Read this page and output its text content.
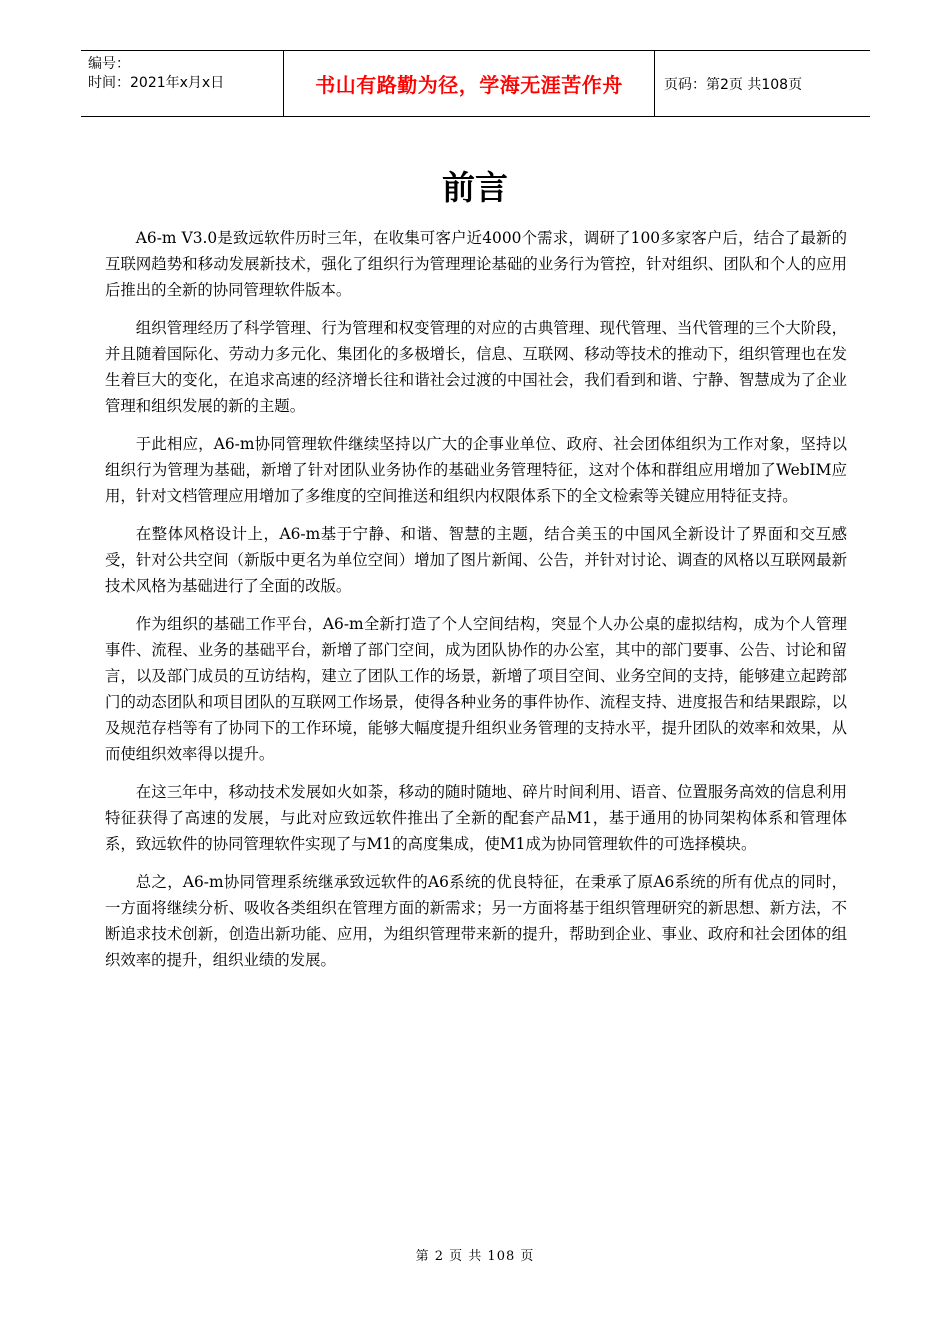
编号：
时间：2021年x月x日	书山有路勤为径，学海无涯苦作舟	页码：第2页 共108页
前言

A6-m V3.0是致远软件历时三年，在收集可客户近4000个需求，调研了100多家客户后，结合了最新的互联网趋势和移动发展新技术，强化了组织行为管理理论基础的业务行为管控，针对组织、团队和个人的应用后推出的全新的协同管理软件版本。

组织管理经历了科学管理、行为管理和权变管理的对应的古典管理、现代管理、当代管理的三个大阶段，并且随着国际化、劳动力多元化、集团化的多极增长，信息、互联网、移动等技术的推动下，组织管理也在发生着巨大的变化，在追求高速的经济增长往和谐社会过渡的中国社会，我们看到和谐、宁静、智慧成为了企业管理和组织发展的新的主题。

于此相应，A6-m协同管理软件继续坚持以广大的企事业单位、政府、社会团体组织为工作对象，坚持以组织行为管理为基础，新增了针对团队业务协作的基础业务管理特征，这对个体和群组应用增加了WebIM应用，针对文档管理应用增加了多维度的空间推送和组织内权限体系下的全文检索等关键应用特征支持。

在整体风格设计上，A6-m基于宁静、和谐、智慧的主题，结合美玉的中国风全新设计了界面和交互感受，针对公共空间（新版中更名为单位空间）增加了图片新闻、公告，并针对讨论、调查的风格以互联网最新技术风格为基础进行了全面的改版。

作为组织的基础工作平台，A6-m全新打造了个人空间结构，突显个人办公桌的虚拟结构，成为个人管理事件、流程、业务的基础平台，新增了部门空间，成为团队协作的办公室，其中的部门要事、公告、讨论和留言，以及部门成员的互访结构，建立了团队工作的场景，新增了项目空间、业务空间的支持，能够建立起跨部门的动态团队和项目团队的互联网工作场景，使得各种业务的事件协作、流程支持、进度报告和结果跟踪，以及规范存档等有了协同下的工作环境，能够大幅度提升组织业务管理的支持水平，提升团队的效率和效果，从而使组织效率得以提升。

在这三年中，移动技术发展如火如荼，移动的随时随地、碎片时间利用、语音、位置服务高效的信息利用特征获得了高速的发展，与此对应致远软件推出了全新的配套产品M1，基于通用的协同架构体系和管理体系，致远软件的协同管理软件实现了与M1的高度集成，使M1成为协同管理软件的可选择模块。

总之，A6-m协同管理系统继承致远软件的A6系统的优良特征，在秉承了原A6系统的所有优点的同时，一方面将继续分析、吸收各类组织在管理方面的新需求；另一方面将基于组织管理研究的新思想、新方法，不断追求技术创新，创造出新功能、应用，为组织管理带来新的提升，帮助到企业、事业、政府和社会团体的组织效率的提升，组织业绩的发展。

第 2 页 共 108 页
